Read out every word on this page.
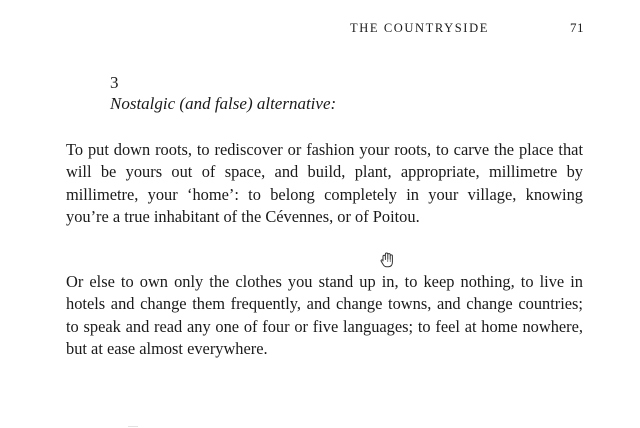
THE COUNTRYSIDE	71
3
Nostalgic (and false) alternative:

To put down roots, to rediscover or fashion your roots, to carve the place that will be yours out of space, and build, plant, appropriate, millimetre by millimetre, your ‘home’: to belong completely in your village, knowing you’re a true inhabitant of the Cévennes, or of Poitou.

Or else to own only the clothes you stand up in, to keep nothing, to live in hotels and change them frequently, and change towns, and change countries; to speak and read any one of four or five languages; to feel at home nowhere, but at ease almost everywhere.
